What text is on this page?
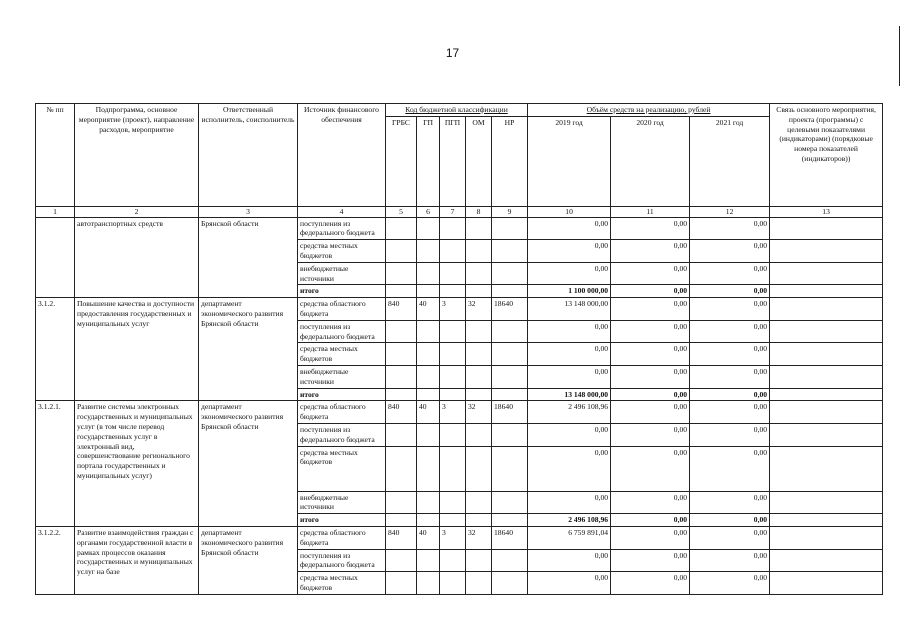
17
№ пп	Подпрограмма, основное мероприятие (проект), направление расходов, мероприятие	Ответственный исполнитель, соисполнитель	Источник финансового обеспечения	Код бюджетной классификации					Объём средств на реализацию, рублей			Связь основного мероприятия, проекта (программы) с целевыми показателями (индикаторами) (порядковые номера показателей (индикаторов))
				ГРБС	ГП	ПГП	ОМ	НР	2019 год	2020 год	2021 год	
1	2	3	4	5	6	7	8	9	10	11	12	13
	автотранспортных средств	Брянской области	поступления из федерального бюджета						0,00	0,00	0,00	
			средства местных бюджетов						0,00	0,00	0,00	
			внебюджетные источники						0,00	0,00	0,00	
			итого						1 100 000,00	0,00	0,00	
3.1.2.	Повышение качества и доступности предоставления государственных и муниципальных услуг	департамент экономического развития Брянской области	средства областного бюджета	840	40	3	32	18640	13 148 000,00	0,00	0,00	
			поступления из федерального бюджета						0,00	0,00	0,00	
			средства местных бюджетов						0,00	0,00	0,00	
			внебюджетные источники						0,00	0,00	0,00	
			итого						13 148 000,00	0,00	0,00	
3.1.2.1.	Развитие системы электронных государственных и муниципальных услуг (в том числе перевод государственных услуг в электронный вид, совершенствование регионального портала государственных и муниципальных услуг)	департамент экономического развития Брянской области	средства областного бюджета	840	40	3	32	18640	2 496 108,96	0,00	0,00	
			поступления из федерального бюджета						0,00	0,00	0,00	
			средства местных бюджетов						0,00	0,00	0,00	
			внебюджетные источники						0,00	0,00	0,00	
			итого						2 496 108,96	0,00	0,00	
3.1.2.2.	Развитие взаимодействия граждан с органами государственной власти в рамках процессов оказания государственных и муниципальных услуг на базе	департамент экономического развития Брянской области	средства областного бюджета	840	40	3	32	18640	6 759 891,04	0,00	0,00	
			поступления из федерального бюджета						0,00	0,00	0,00	
			средства местных бюджетов						0,00	0,00	0,00	
